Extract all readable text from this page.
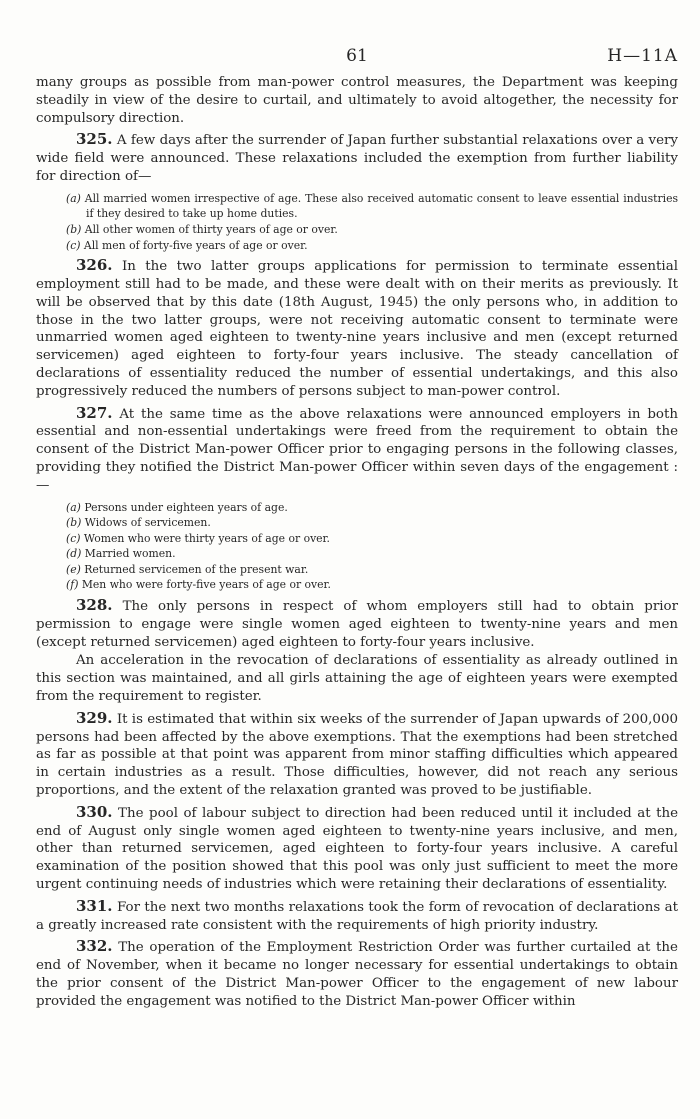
61	H—11A

many groups as possible from man-power control measures, the Department was keeping steadily in view of the desire to curtail, and ultimately to avoid altogether, the necessity for compulsory direction.

325. A few days after the surrender of Japan further substantial relaxations over a very wide field were announced. These relaxations included the exemption from further liability for direction of—

(a) All married women irrespective of age. These also received automatic consent to leave essential industries if they desired to take up home duties.
(b) All other women of thirty years of age or over.
(c) All men of forty-five years of age or over.

326. In the two latter groups applications for permission to terminate essential employment still had to be made, and these were dealt with on their merits as previously. It will be observed that by this date (18th August, 1945) the only persons who, in addition to those in the two latter groups, were not receiving automatic consent to terminate were unmarried women aged eighteen to twenty-nine years inclusive and men (except returned servicemen) aged eighteen to forty-four years inclusive. The steady cancellation of declarations of essentiality reduced the number of essential undertakings, and this also progressively reduced the numbers of persons subject to man-power control.

327. At the same time as the above relaxations were announced employers in both essential and non-essential undertakings were freed from the requirement to obtain the consent of the District Man-power Officer prior to engaging persons in the following classes, providing they notified the District Man-power Officer within seven days of the engagement :—

(a) Persons under eighteen years of age.
(b) Widows of servicemen.
(c) Women who were thirty years of age or over.
(d) Married women.
(e) Returned servicemen of the present war.
(f) Men who were forty-five years of age or over.

328. The only persons in respect of whom employers still had to obtain prior permission to engage were single women aged eighteen to twenty-nine years and men (except returned servicemen) aged eighteen to forty-four years inclusive.

An acceleration in the revocation of declarations of essentiality as already outlined in this section was maintained, and all girls attaining the age of eighteen years were exempted from the requirement to register.

329. It is estimated that within six weeks of the surrender of Japan upwards of 200,000 persons had been affected by the above exemptions. That the exemptions had been stretched as far as possible at that point was apparent from minor staffing difficulties which appeared in certain industries as a result. Those difficulties, however, did not reach any serious proportions, and the extent of the relaxation granted was proved to be justifiable.

330. The pool of labour subject to direction had been reduced until it included at the end of August only single women aged eighteen to twenty-nine years inclusive, and men, other than returned servicemen, aged eighteen to forty-four years inclusive. A careful examination of the position showed that this pool was only just sufficient to meet the more urgent continuing needs of industries which were retaining their declarations of essentiality.

331. For the next two months relaxations took the form of revocation of declarations at a greatly increased rate consistent with the requirements of high priority industry.

332. The operation of the Employment Restriction Order was further curtailed at the end of November, when it became no longer necessary for essential undertakings to obtain the prior consent of the District Man-power Officer to the engagement of new labour provided the engagement was notified to the District Man-power Officer within
